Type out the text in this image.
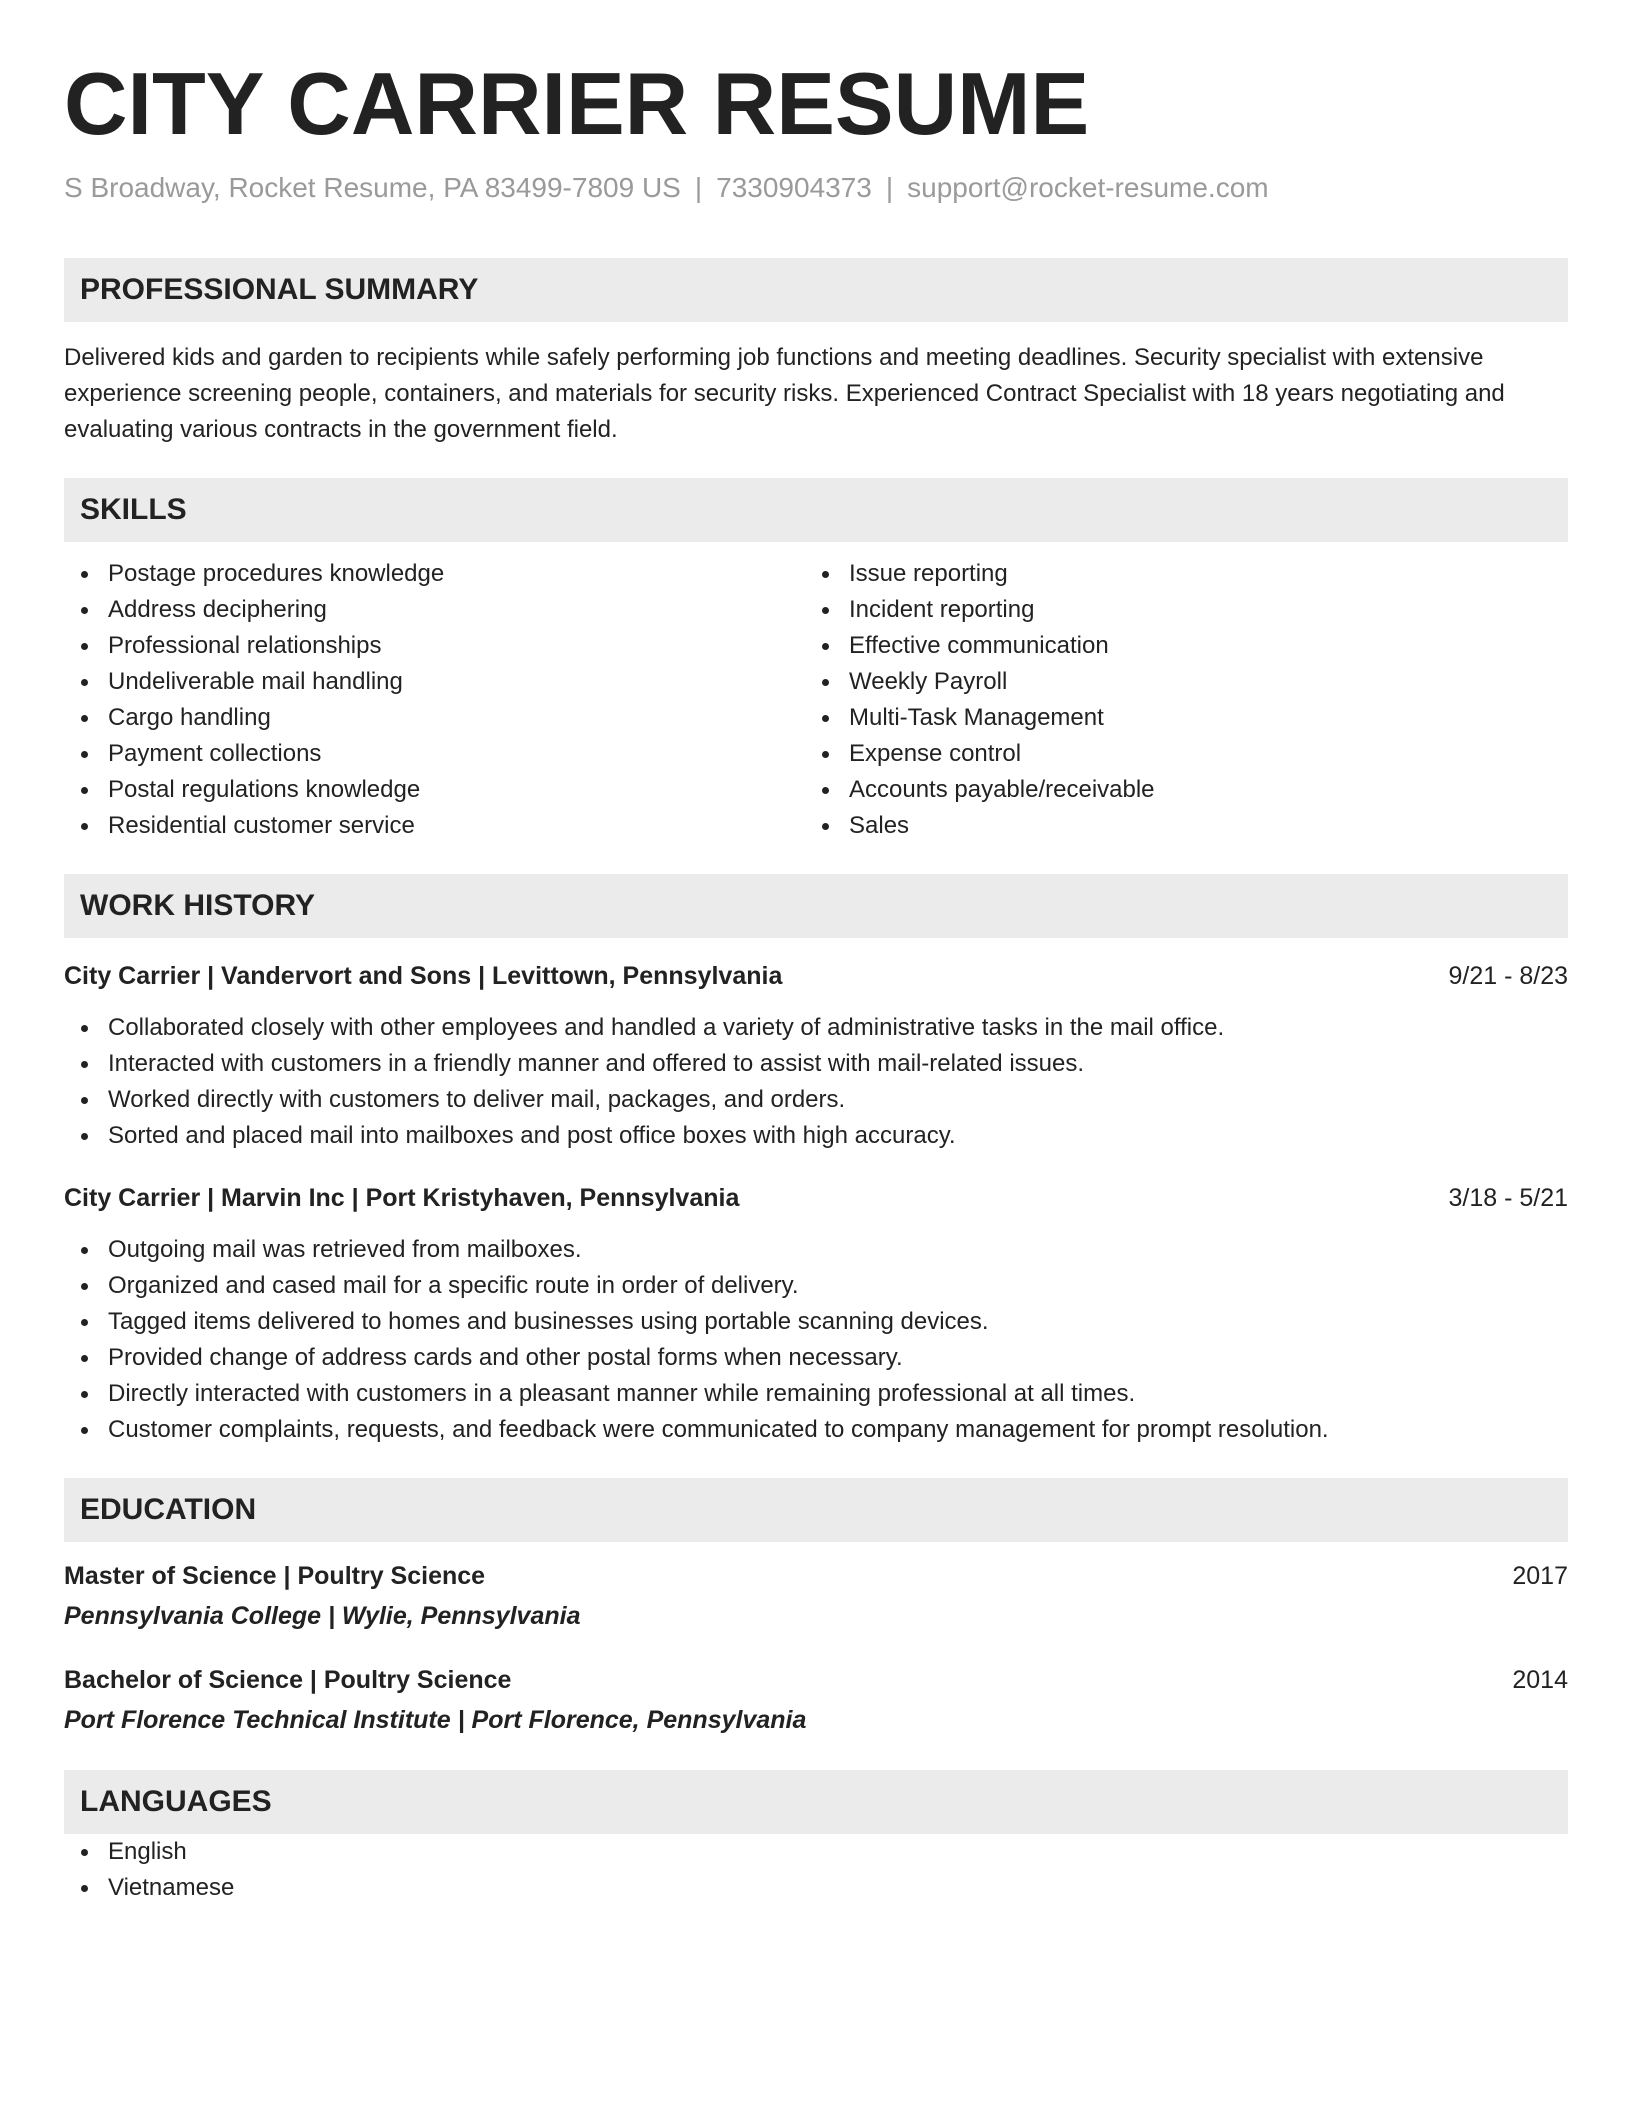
CITY CARRIER RESUME
S Broadway, Rocket Resume, PA 83499-7809 US | 7330904373 | support@rocket-resume.com
PROFESSIONAL SUMMARY
Delivered kids and garden to recipients while safely performing job functions and meeting deadlines. Security specialist with extensive experience screening people, containers, and materials for security risks. Experienced Contract Specialist with 18 years negotiating and evaluating various contracts in the government field.
SKILLS
Postage procedures knowledge
Address deciphering
Professional relationships
Undeliverable mail handling
Cargo handling
Payment collections
Postal regulations knowledge
Residential customer service
Issue reporting
Incident reporting
Effective communication
Weekly Payroll
Multi-Task Management
Expense control
Accounts payable/receivable
Sales
WORK HISTORY
City Carrier | Vandervort and Sons | Levittown, Pennsylvania	9/21 - 8/23
Collaborated closely with other employees and handled a variety of administrative tasks in the mail office.
Interacted with customers in a friendly manner and offered to assist with mail-related issues.
Worked directly with customers to deliver mail, packages, and orders.
Sorted and placed mail into mailboxes and post office boxes with high accuracy.
City Carrier | Marvin Inc | Port Kristyhaven, Pennsylvania	3/18 - 5/21
Outgoing mail was retrieved from mailboxes.
Organized and cased mail for a specific route in order of delivery.
Tagged items delivered to homes and businesses using portable scanning devices.
Provided change of address cards and other postal forms when necessary.
Directly interacted with customers in a pleasant manner while remaining professional at all times.
Customer complaints, requests, and feedback were communicated to company management for prompt resolution.
EDUCATION
Master of Science | Poultry Science	2017
Pennsylvania College | Wylie, Pennsylvania
Bachelor of Science | Poultry Science	2014
Port Florence Technical Institute | Port Florence, Pennsylvania
LANGUAGES
English
Vietnamese
